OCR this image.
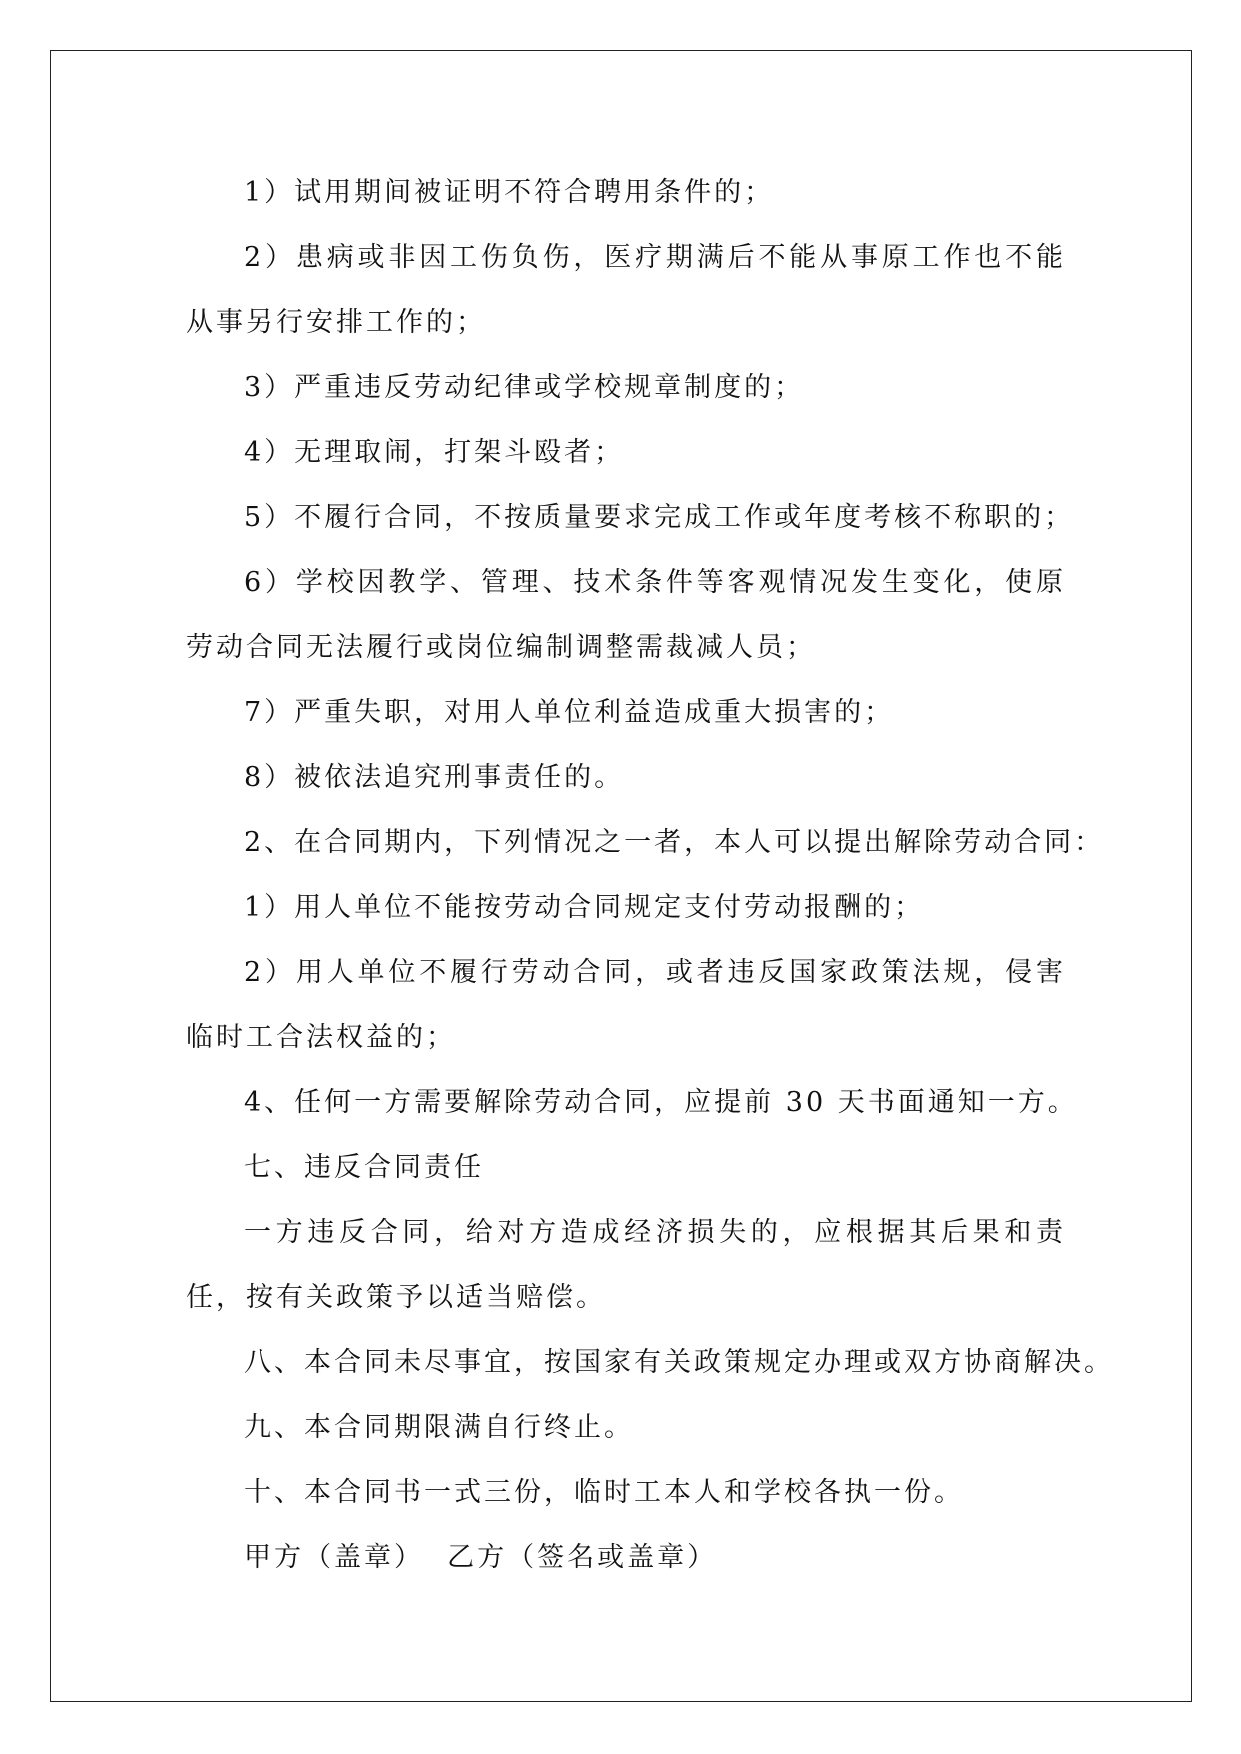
1）试用期间被证明不符合聘用条件的；

2）患病或非因工伤负伤，医疗期满后不能从事原工作也不能从事另行安排工作的；

3）严重违反劳动纪律或学校规章制度的；

4）无理取闹，打架斗殴者；

5）不履行合同，不按质量要求完成工作或年度考核不称职的；

6）学校因教学、管理、技术条件等客观情况发生变化，使原劳动合同无法履行或岗位编制调整需裁减人员；

7）严重失职，对用人单位利益造成重大损害的；

8）被依法追究刑事责任的。

2、在合同期内，下列情况之一者，本人可以提出解除劳动合同：

1）用人单位不能按劳动合同规定支付劳动报酬的；

2）用人单位不履行劳动合同，或者违反国家政策法规，侵害临时工合法权益的；

4、任何一方需要解除劳动合同，应提前 30 天书面通知一方。

七、违反合同责任

一方违反合同，给对方造成经济损失的，应根据其后果和责任，按有关政策予以适当赔偿。

八、本合同未尽事宜，按国家有关政策规定办理或双方协商解决。

九、本合同期限满自行终止。

十、本合同书一式三份，临时工本人和学校各执一份。

甲方（盖章）  乙方（签名或盖章）
